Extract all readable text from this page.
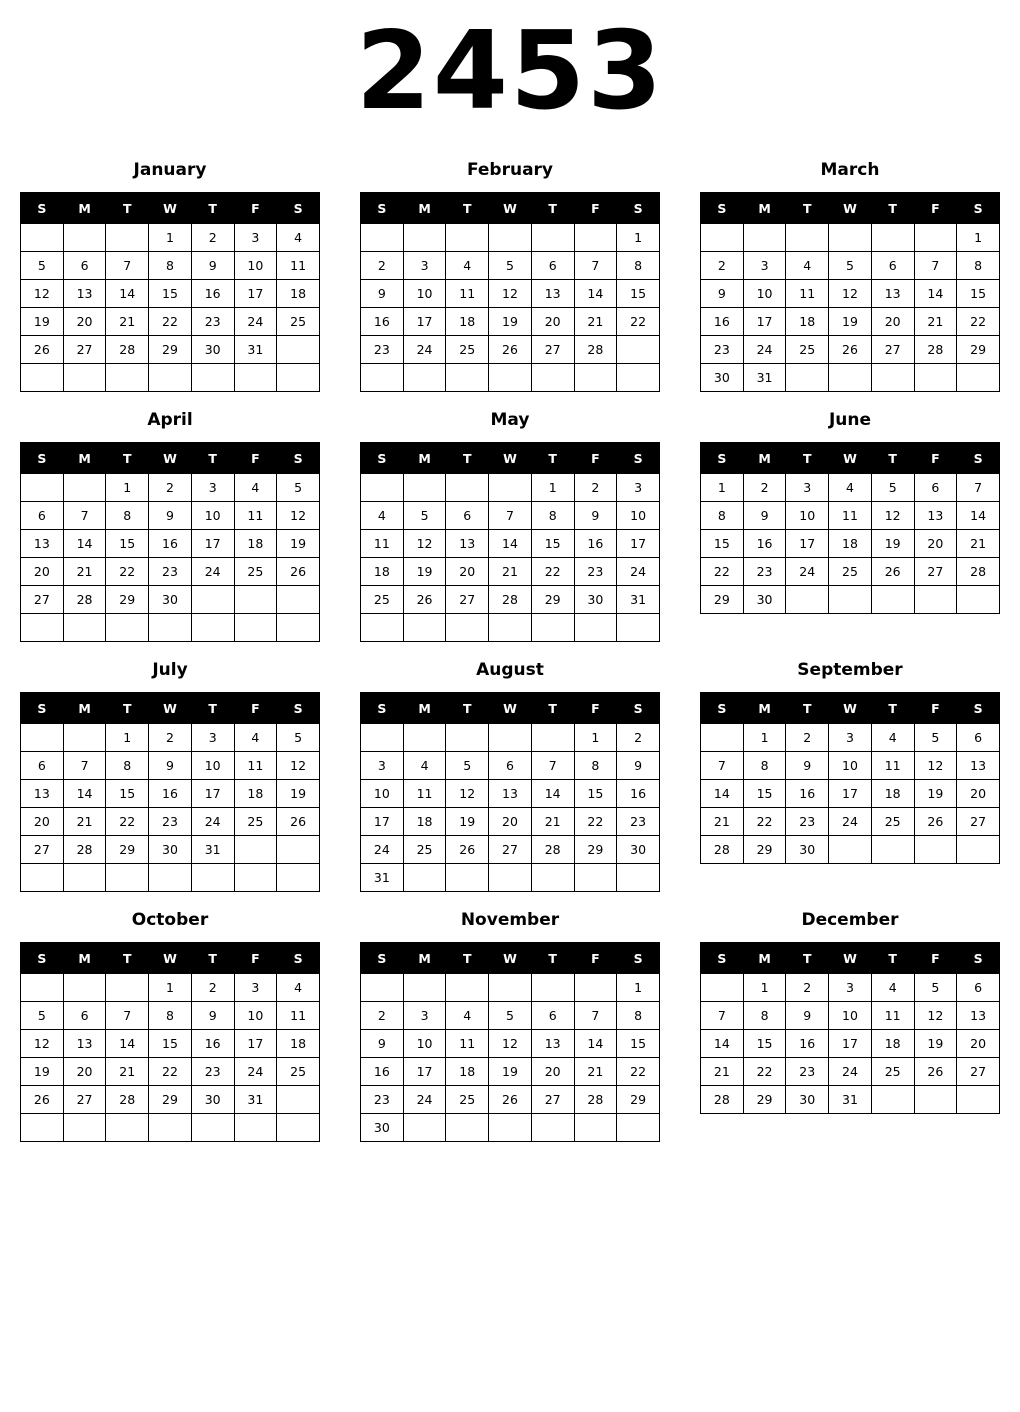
2453
January
S	M	T	W	T	F	S
			1	2	3	4
5	6	7	8	9	10	11
12	13	14	15	16	17	18
19	20	21	22	23	24	25
26	27	28	29	30	31	

February
S	M	T	W	T	F	S
						1
2	3	4	5	6	7	8
9	10	11	12	13	14	15
16	17	18	19	20	21	22
23	24	25	26	27	28	

March
S	M	T	W	T	F	S
						1
2	3	4	5	6	7	8
9	10	11	12	13	14	15
16	17	18	19	20	21	22
23	24	25	26	27	28	29
30	31					
April
S	M	T	W	T	F	S
		1	2	3	4	5
6	7	8	9	10	11	12
13	14	15	16	17	18	19
20	21	22	23	24	25	26
27	28	29	30			

May
S	M	T	W	T	F	S
				1	2	3
4	5	6	7	8	9	10
11	12	13	14	15	16	17
18	19	20	21	22	23	24
25	26	27	28	29	30	31

June
S	M	T	W	T	F	S
1	2	3	4	5	6	7
8	9	10	11	12	13	14
15	16	17	18	19	20	21
22	23	24	25	26	27	28
29	30					
July
S	M	T	W	T	F	S
		1	2	3	4	5
6	7	8	9	10	11	12
13	14	15	16	17	18	19
20	21	22	23	24	25	26
27	28	29	30	31		

August
S	M	T	W	T	F	S
					1	2
3	4	5	6	7	8	9
10	11	12	13	14	15	16
17	18	19	20	21	22	23
24	25	26	27	28	29	30
31						
September
S	M	T	W	T	F	S
	1	2	3	4	5	6
7	8	9	10	11	12	13
14	15	16	17	18	19	20
21	22	23	24	25	26	27
28	29	30				
October
S	M	T	W	T	F	S
			1	2	3	4
5	6	7	8	9	10	11
12	13	14	15	16	17	18
19	20	21	22	23	24	25
26	27	28	29	30	31	

November
S	M	T	W	T	F	S
						1
2	3	4	5	6	7	8
9	10	11	12	13	14	15
16	17	18	19	20	21	22
23	24	25	26	27	28	29
30						
December
S	M	T	W	T	F	S
	1	2	3	4	5	6
7	8	9	10	11	12	13
14	15	16	17	18	19	20
21	22	23	24	25	26	27
28	29	30	31			
